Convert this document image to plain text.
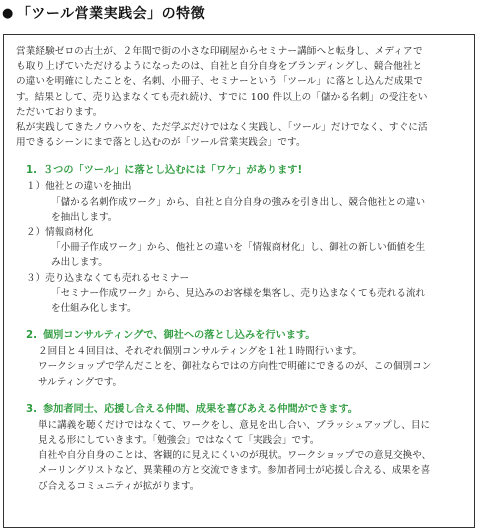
● 「ツール営業実践会」の特徴
営業経験ゼロの古土が、２年間で街の小さな印刷屋からセミナー講師へと転身し、メディアで
も取り上げていただけるようになったのは、自社と自分自身をブランディングし、競合他社と
の違いを明確にしたことを、名刺、小冊子、セミナーという「ツール」に落とし込んだ成果で
す。結果として、売り込まなくても売れ続け、すでに 100 件以上の「儲かる名刺」の受注をい
ただいております。
私が実践してきたノウハウを、ただ学ぶだけではなく実践し、「ツール」だけでなく、すぐに活
用できるシーンにまで落とし込むのが「ツール営業実践会」です。
1. ３つの「ツール」に落とし込むには「ワケ」があります!
１）他社との違いを抽出
「儲かる名刺作成ワーク」から、自社と自分自身の強みを引き出し、競合他社との違い
を抽出します。
２）情報商材化
「小冊子作成ワーク」から、他社との違いを「情報商材化」し、御社の新しい価値を生
み出します。
３）売り込まなくても売れるセミナー
「セミナー作成ワーク」から、見込みのお客様を集客し、売り込まなくても売れる流れ
を仕組み化します。
2. 個別コンサルティングで、御社への落とし込みを行います。
２回目と４回目は、それぞれ個別コンサルティングを１社１時間行います。
ワークショップで学んだことを、御社ならではの方向性で明確にできるのが、この個別コン
サルティングです。
3. 参加者同士、応援し合える仲間、成果を喜びあえる仲間ができます。
単に講義を聴くだけではなくて、ワークをし、意見を出し合い、ブラッシュアップし、目に
見える形にしていきます。「勉強会」ではなくて「実践会」です。
自社や自分自身のことは、客観的に見えにくいのが現状。ワークショップでの意見交換や、
メーリングリストなど、異業種の方と交流できます。参加者同士が応援し合える、成果を喜
び合えるコミュニティが拡がります。
